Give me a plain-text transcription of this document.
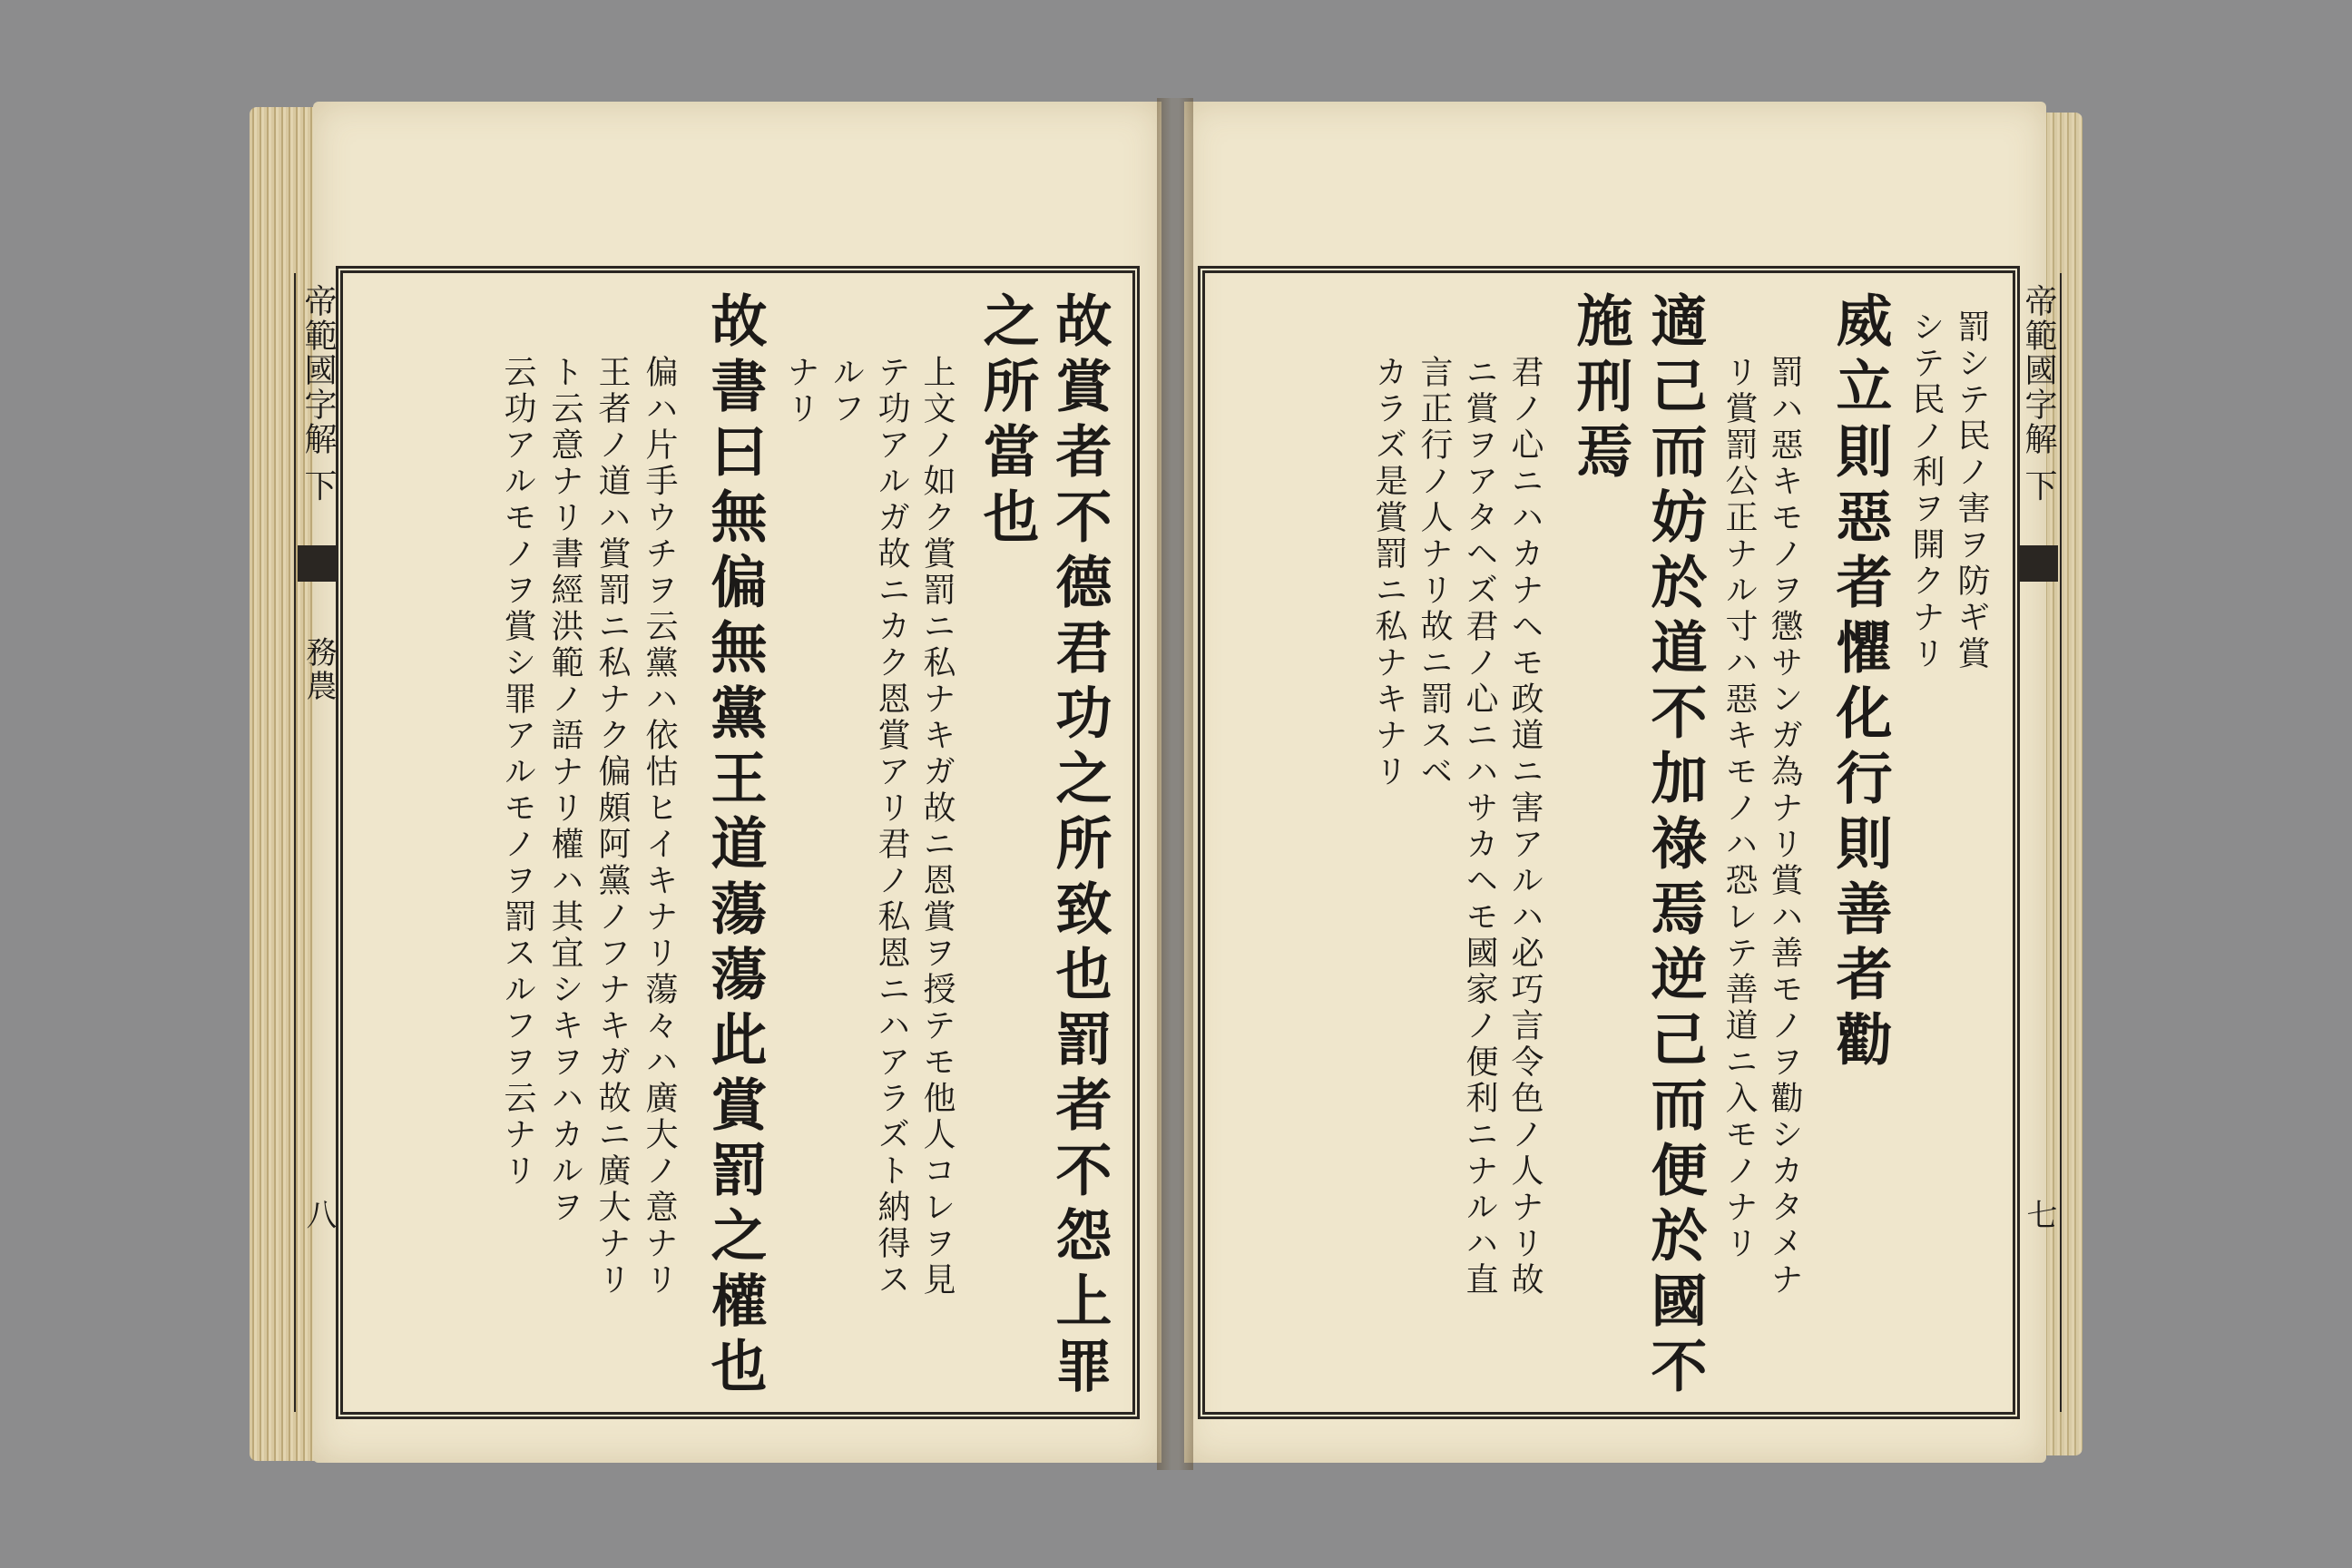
帝範國字解 下
務農
八	故賞者不德君功之所致也罰者不怨上罪
之所當也
上文ノ如ク賞罰ニ私ナキガ故ニ恩賞ヲ授テモ他人コレヲ見
テ功アルガ故ニカク恩賞アリ君ノ私恩ニハアラズト納得ス
ルフ
ナリ
故書曰無偏無黨王道蕩蕩此賞罰之權也
偏ハ片手ウチヲ云黨ハ依怙ヒイキナリ蕩々ハ廣大ノ意ナリ
王者ノ道ハ賞罰ニ私ナク偏頗阿黨ノフナキガ故ニ廣大ナリ
ト云意ナリ書經洪範ノ語ナリ權ハ其宜シキヲハカルヲ
云功アルモノヲ賞シ罪アルモノヲ罰スルフヲ云ナリ	帝範國字解 下
七
罰シテ民ノ害ヲ防ギ賞
シテ民ノ利ヲ開クナリ
威立則惡者懼化行則善者勸
罰ハ惡キモノヲ懲サンガ為ナリ賞ハ善モノヲ勸シカタメナ
リ賞罰公正ナル寸ハ惡キモノハ恐レテ善道ニ入モノナリ
適己而妨於道不加祿焉逆己而便於國不
施刑焉
君ノ心ニハカナヘモ政道ニ害アルハ必巧言令色ノ人ナリ故
ニ賞ヲアタヘズ君ノ心ニハサカヘモ國家ノ便利ニナルハ直
言正行ノ人ナリ故ニ罰スベ
カラズ是賞罰ニ私ナキナリ
